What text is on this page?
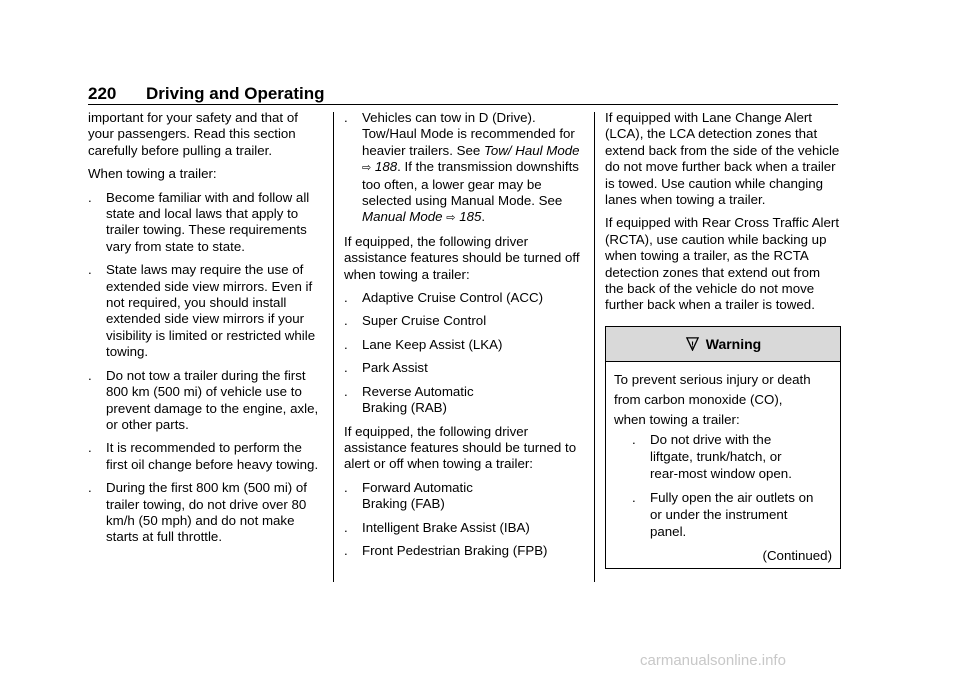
220	Driving and Operating

important for your safety and that of your passengers. Read this section carefully before pulling a trailer.

When towing a trailer:

.	Become familiar with and follow all state and local laws that apply to trailer towing. These requirements vary from state to state.
.	State laws may require the use of extended side view mirrors. Even if not required, you should install extended side view mirrors if your visibility is limited or restricted while towing.
.	Do not tow a trailer during the first 800 km (500 mi) of vehicle use to prevent damage to the engine, axle, or other parts.
.	It is recommended to perform the first oil change before heavy towing.
.	During the first 800 km (500 mi) of trailer towing, do not drive over 80 km/h (50 mph) and do not make starts at full throttle.
.	Vehicles can tow in D (Drive). Tow/Haul Mode is recommended for heavier trailers. See Tow/ Haul Mode ⇨ 188. If the transmission downshifts too often, a lower gear may be selected using Manual Mode. See Manual Mode ⇨ 185.

If equipped, the following driver assistance features should be turned off when towing a trailer:

.	Adaptive Cruise Control (ACC)
.	Super Cruise Control
.	Lane Keep Assist (LKA)
.	Park Assist
.	Reverse Automatic Braking (RAB)

If equipped, the following driver assistance features should be turned to alert or off when towing a trailer:

.	Forward Automatic Braking (FAB)
.	Intelligent Brake Assist (IBA)
.	Front Pedestrian Braking (FPB)

If equipped with Lane Change Alert (LCA), the LCA detection zones that extend back from the side of the vehicle do not move further back when a trailer is towed. Use caution while changing lanes when towing a trailer.

If equipped with Rear Cross Traffic Alert (RCTA), use caution while backing up when towing a trailer, as the RCTA detection zones that extend out from the back of the vehicle do not move further back when a trailer is towed.

! Warning

To prevent serious injury or death

from carbon monoxide (CO),

when towing a trailer:

.	Do not drive with the liftgate, trunk/hatch, or rear-most window open.
.	Fully open the air outlets on or under the instrument panel.
(Continued)
carmanualsonline.info
